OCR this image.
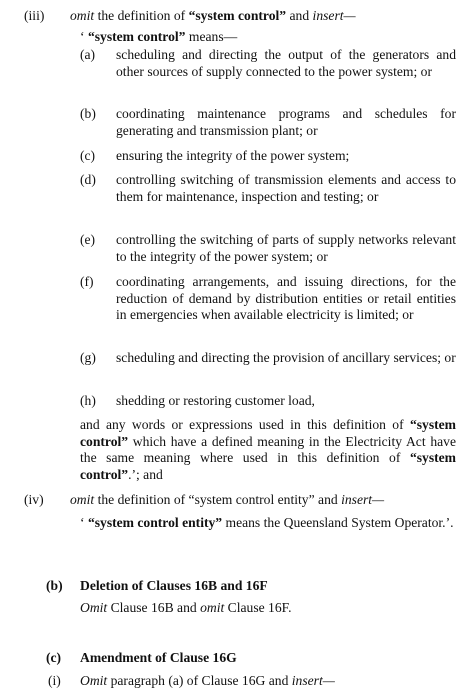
(iii) omit the definition of “system control” and insert—
‘ “system control” means—
(a) scheduling and directing the output of the generators and other sources of supply connected to the power system; or
(b) coordinating maintenance programs and schedules for generating and transmission plant; or
(c) ensuring the integrity of the power system;
(d) controlling switching of transmission elements and access to them for maintenance, inspection and testing; or
(e) controlling the switching of parts of supply networks relevant to the integrity of the power system; or
(f) coordinating arrangements, and issuing directions, for the reduction of demand by distribution entities or retail entities in emergencies when available electricity is limited; or
(g) scheduling and directing the provision of ancillary services; or
(h) shedding or restoring customer load,
and any words or expressions used in this definition of “system control” which have a defined meaning in the Electricity Act have the same meaning where used in this definition of “system control”.’; and
(iv) omit the definition of “system control entity” and insert—
‘ “system control entity” means the Queensland System Operator.’.
(b) Deletion of Clauses 16B and 16F
Omit Clause 16B and omit Clause 16F.
(c) Amendment of Clause 16G
(i) Omit paragraph (a) of Clause 16G and insert—
